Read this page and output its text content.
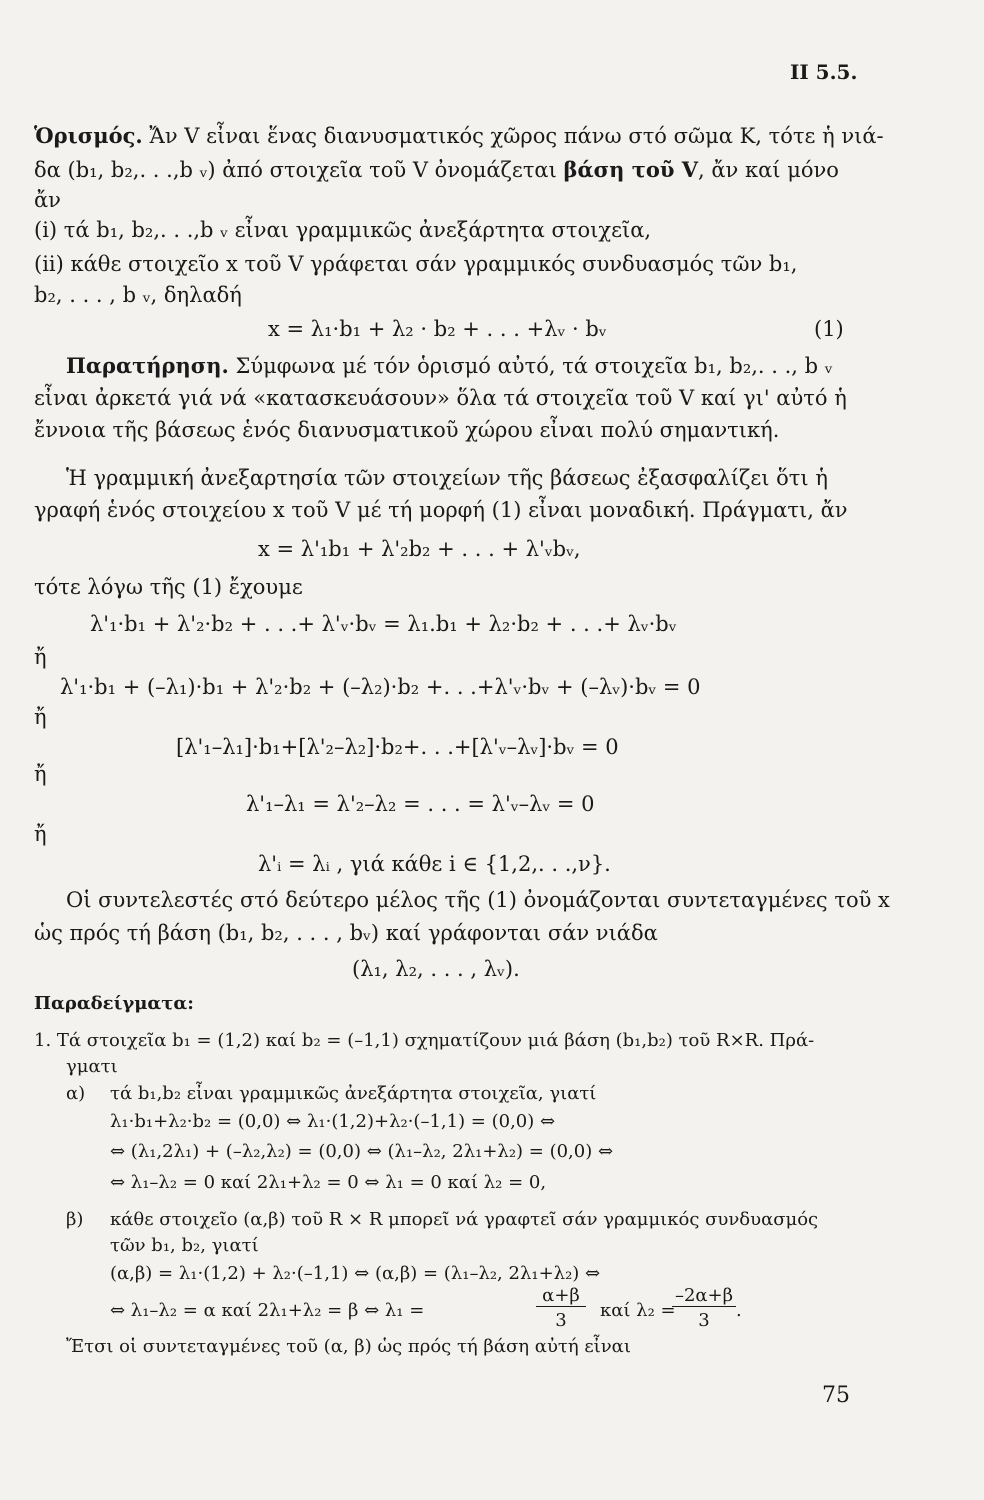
II 5.5.
Ὁρισμός. Ἄν V εἶναι ἕνας διανυσματικός χῶρος πάνω στό σῶμα K, τότε ἡ νιά-
δα (b₁, b₂,. . .,b ᵥ) ἀπό στοιχεῖα τοῦ V ὀνομάζεται βάση τοῦ V, ἄν καί μόνο
ἄν
(i) τά b₁, b₂,. . .,b ᵥ εἶναι γραμμικῶς ἀνεξάρτητα στοιχεῖα,
(ii) κάθε στοιχεῖο x τοῦ V γράφεται σάν γραμμικός συνδυασμός τῶν b₁,
b₂, . . . , b ᵥ, δηλαδή
x = λ₁·b₁ + λ₂ · b₂ + . . . +λᵥ · bᵥ	(1)
Παρατήρηση. Σύμφωνα μέ τόν ὁρισμό αὐτό, τά στοιχεῖα b₁, b₂,. . ., b ᵥ
εἶναι ἀρκετά γιά νά «κατασκευάσουν» ὅλα τά στοιχεῖα τοῦ V καί γι' αὐτό ἡ
ἔννοια τῆς βάσεως ἑνός διανυσματικοῦ χώρου εἶναι πολύ σημαντική.
Ἡ γραμμική ἀνεξαρτησία τῶν στοιχείων τῆς βάσεως ἐξασφαλίζει ὅτι ἡ
γραφή ἑνός στοιχείου x τοῦ V μέ τή μορφή (1) εἶναι μοναδική. Πράγματι, ἄν
x = λ'₁b₁ + λ'₂b₂ + . . . + λ'ᵥbᵥ,
τότε λόγω τῆς (1) ἔχουμε
λ'₁·b₁ + λ'₂·b₂ + . . .+ λ'ᵥ·bᵥ = λ₁.b₁ + λ₂·b₂ + . . .+ λᵥ·bᵥ
ἤ
λ'₁·b₁ + (–λ₁)·b₁ + λ'₂·b₂ + (–λ₂)·b₂ +. . .+λ'ᵥ·bᵥ + (–λᵥ)·bᵥ = 0
ἤ
[λ'₁–λ₁]·b₁+[λ'₂–λ₂]·b₂+. . .+[λ'ᵥ–λᵥ]·bᵥ = 0
ἤ
λ'₁–λ₁ = λ'₂–λ₂ = . . . = λ'ᵥ–λᵥ = 0
ἤ
λ'ᵢ = λᵢ , γιά κάθε i ∈ {1,2,. . .,ν}.
Οἱ συντελεστές στό δεύτερο μέλος τῆς (1) ὀνομάζονται συντεταγμένες τοῦ x
ὡς πρός τή βάση (b₁, b₂, . . . , bᵥ) καί γράφονται σάν νιάδα
(λ₁, λ₂, . . . , λᵥ).
Παραδείγματα:
1. Τά στοιχεῖα b₁ = (1,2) καί b₂ = (–1,1) σχηματίζουν μιά βάση (b₁,b₂) τοῦ R×R. Πρά-
γματι
α) τά b₁,b₂ εἶναι γραμμικῶς ἀνεξάρτητα στοιχεῖα, γιατί
λ₁·b₁+λ₂·b₂ = (0,0) ⇔ λ₁·(1,2)+λ₂·(–1,1) = (0,0) ⇔
⇔ (λ₁,2λ₁) + (–λ₂,λ₂) = (0,0) ⇔ (λ₁–λ₂, 2λ₁+λ₂) = (0,0) ⇔
⇔ λ₁–λ₂ = 0 καί 2λ₁+λ₂ = 0 ⇔ λ₁ = 0 καί λ₂ = 0,
β) κάθε στοιχεῖο (α,β) τοῦ R × R μπορεῖ νά γραφτεῖ σάν γραμμικός συνδυασμός
τῶν b₁, b₂, γιατί
(α,β) = λ₁·(1,2) + λ₂·(–1,1) ⇔ (α,β) = (λ₁–λ₂, 2λ₁+λ₂) ⇔
⇔ λ₁–λ₂ = α καί 2λ₁+λ₂ = β ⇔ λ₁ =
α+β
3	καί λ₂ =
–2α+β
3	.
Ἔτσι οἱ συντεταγμένες τοῦ (α, β) ὡς πρός τή βάση αὐτή εἶναι
75
